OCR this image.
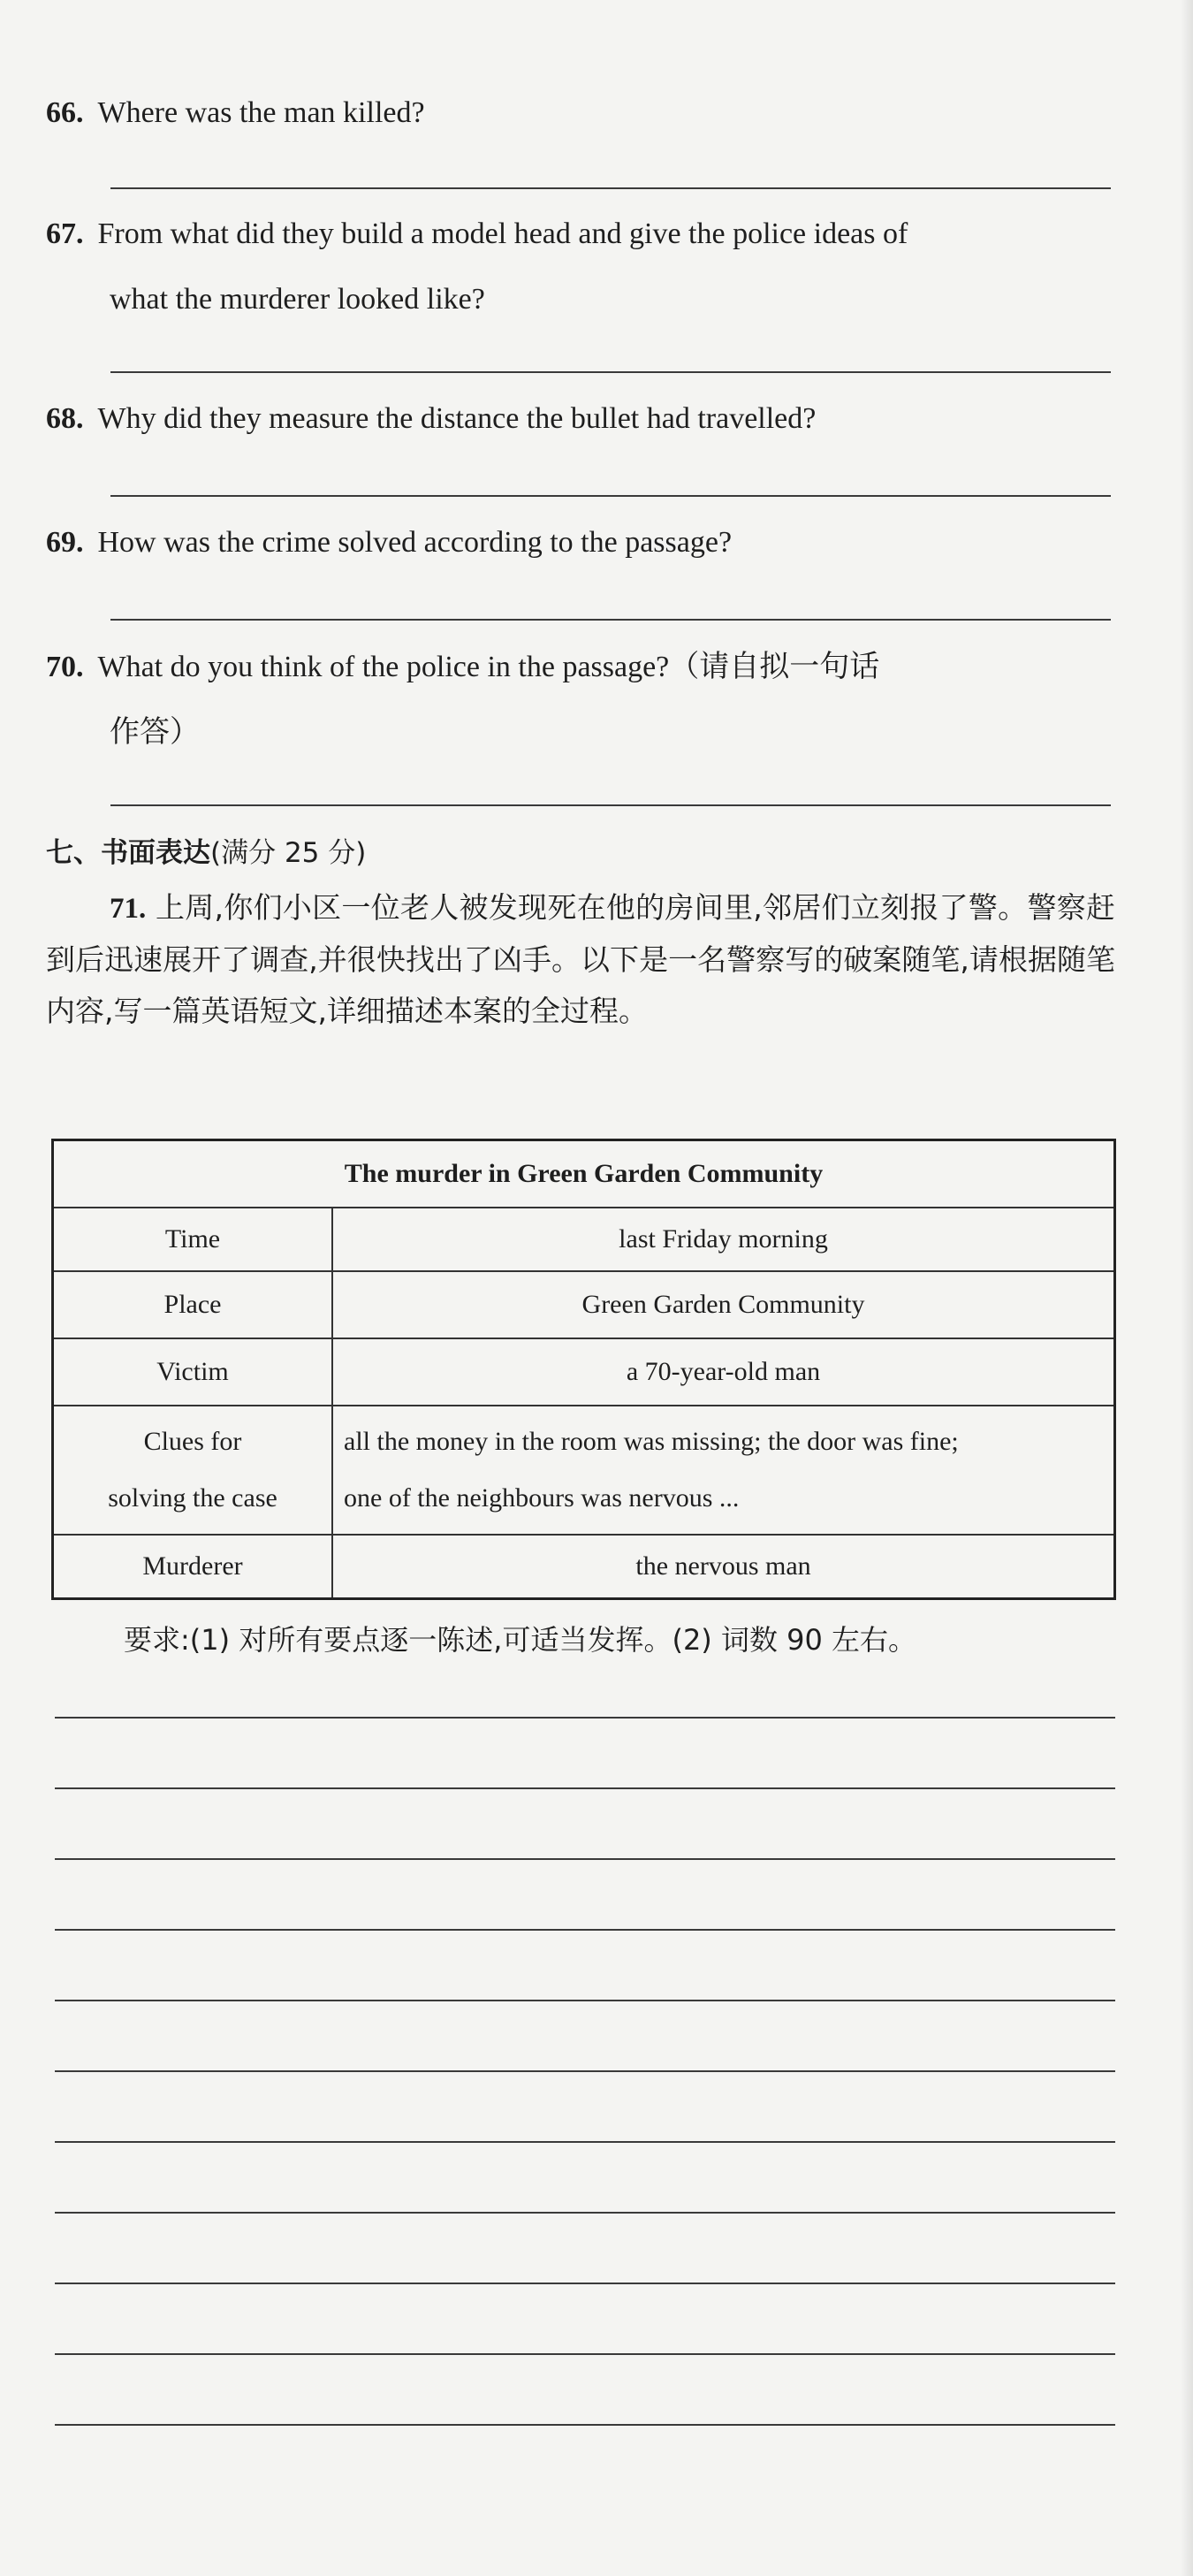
66. Where was the man killed?
67. From what did they build a model head and give the police ideas of
what the murderer looked like?
68. Why did they measure the distance the bullet had travelled?
69. How was the crime solved according to the passage?
70. What do you think of the police in the passage?（请自拟一句话
作答）
七、书面表达(满分 25 分)
71. 上周,你们小区一位老人被发现死在他的房间里,邻居们立刻报了警。警察赶到后迅速展开了调查,并很快找出了凶手。以下是一名警察写的破案随笔,请根据随笔内容,写一篇英语短文,详细描述本案的全过程。
The murder in Green Garden Community	
Time	last Friday morning
Place	Green Garden Community
Victim	a 70-year-old man
Clues for
solving the case	all the money in the room was missing; the door was fine;
one of the neighbours was nervous ...
Murderer	the nervous man
要求:(1) 对所有要点逐一陈述,可适当发挥。(2) 词数 90 左右。
